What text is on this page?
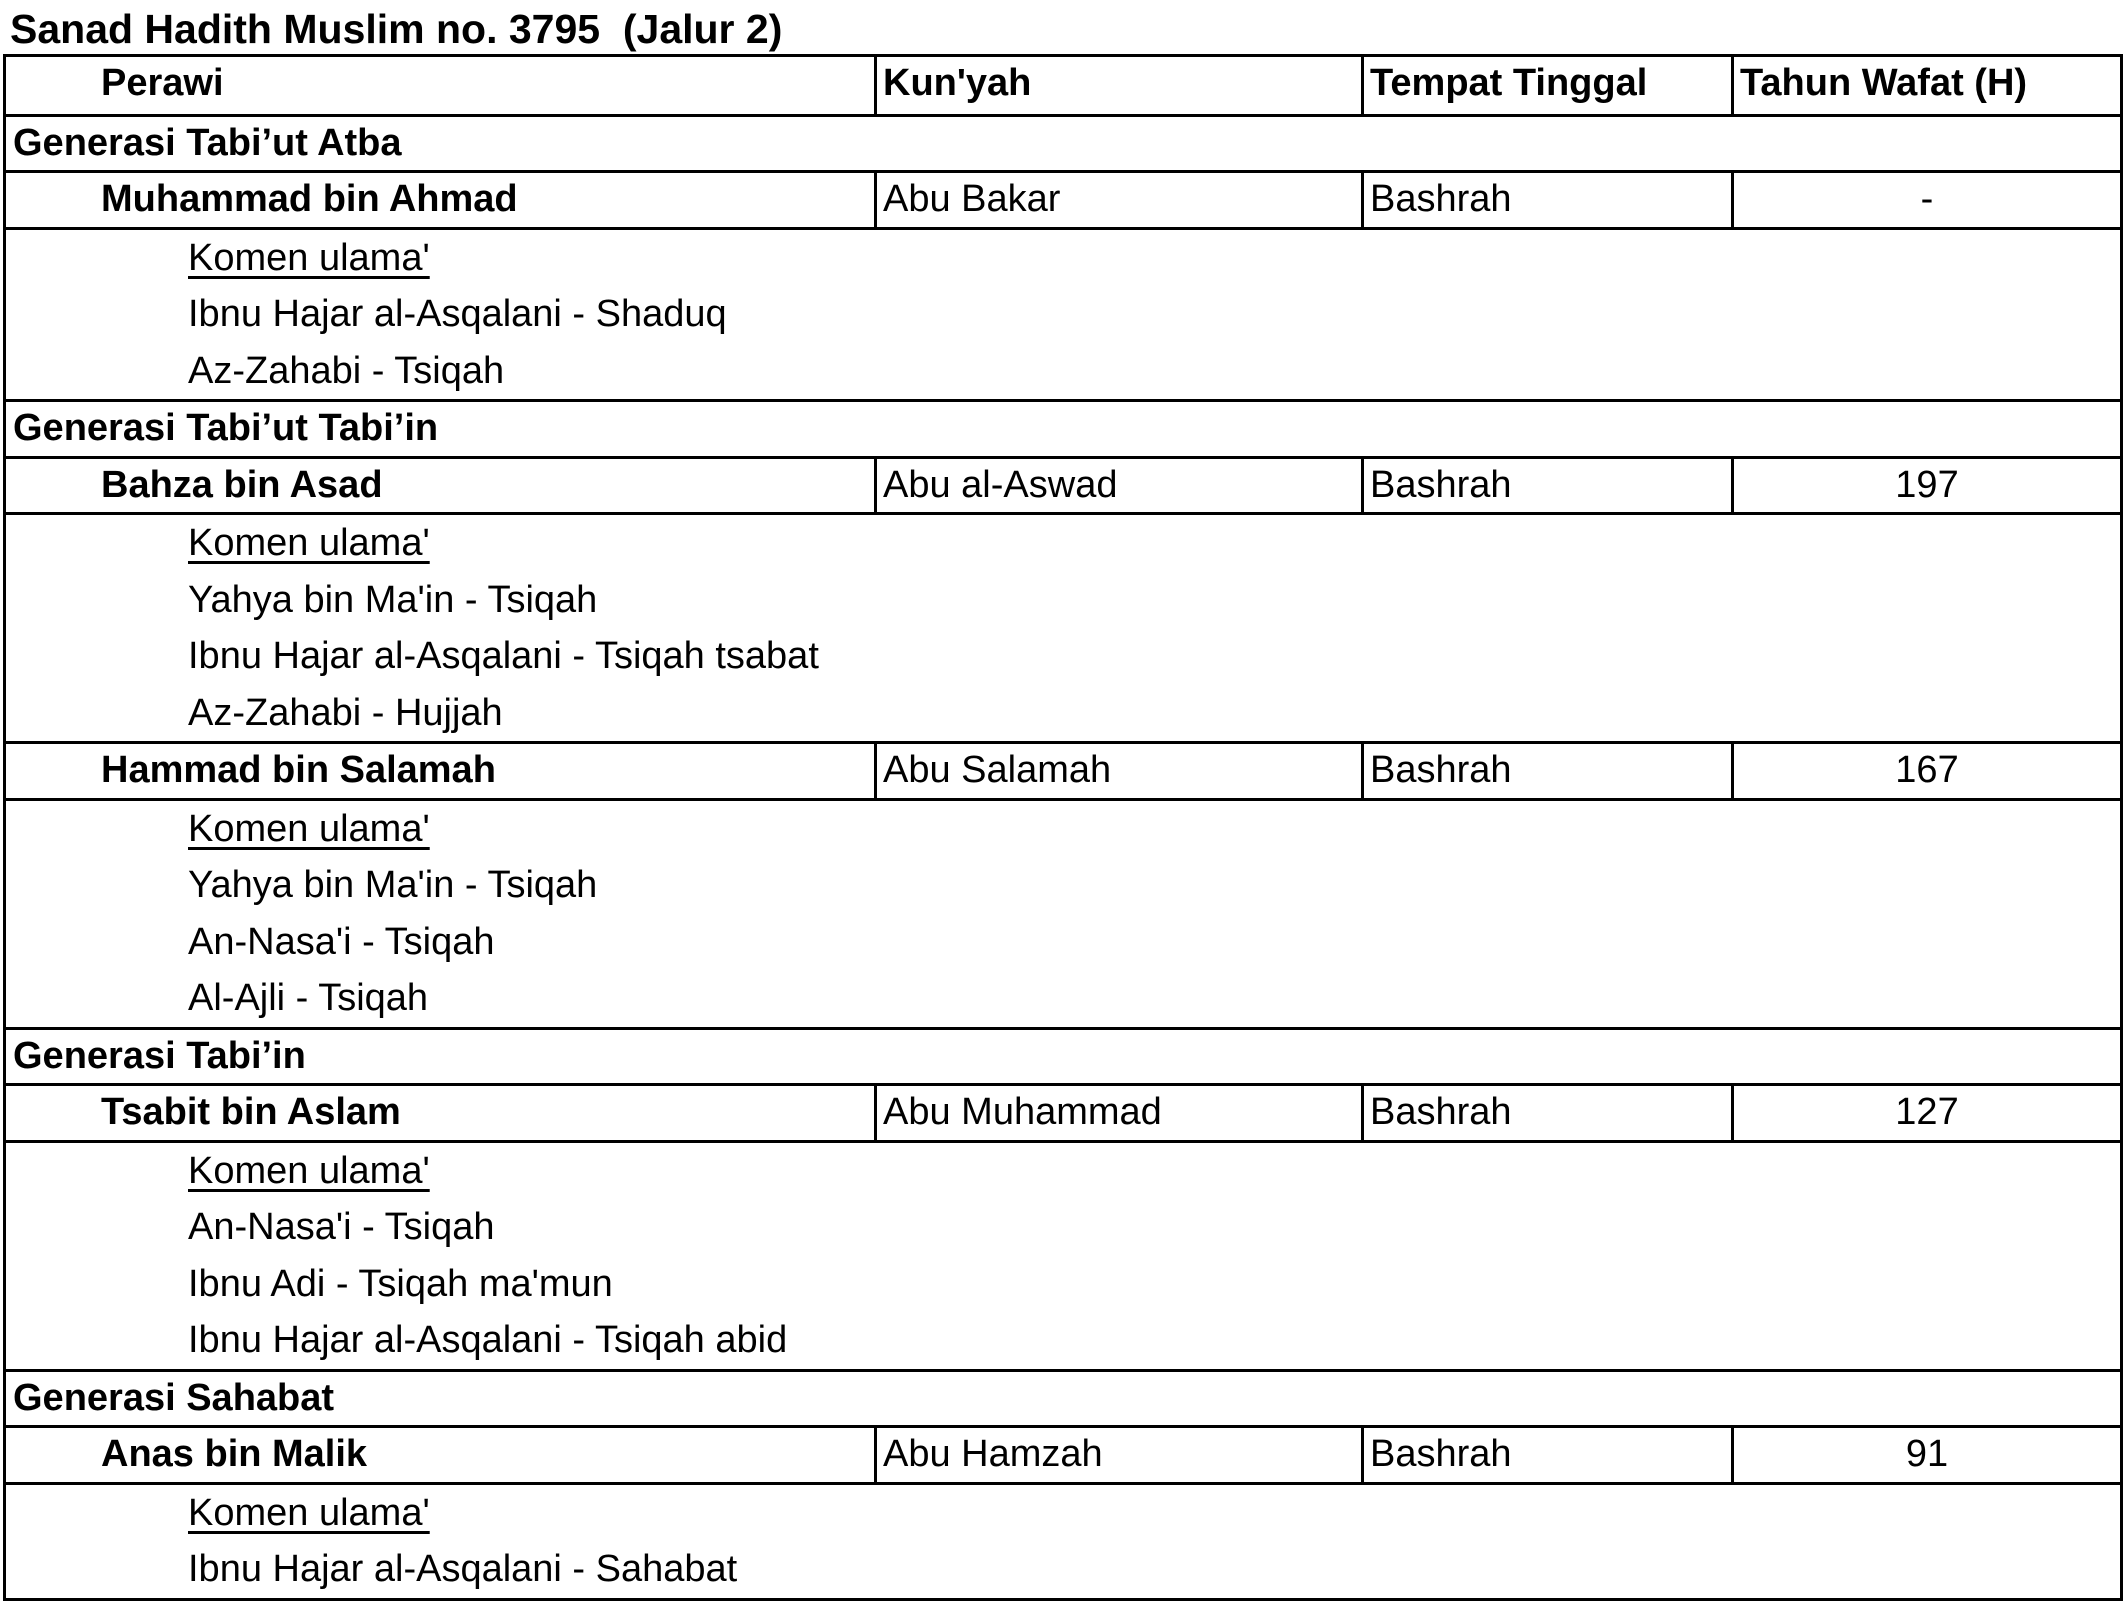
Sanad Hadith Muslim no. 3795  (Jalur 2)
Perawi	Kun'yah	Tempat Tinggal	Tahun Wafat (H)
Generasi Tabi’ut Atba
Muhammad bin Ahmad	Abu Bakar	Bashrah	-
Komen ulama'
Ibnu Hajar al-Asqalani - Shaduq
Az-Zahabi - Tsiqah
Generasi Tabi’ut Tabi’in
Bahza bin Asad	Abu al-Aswad	Bashrah	197
Komen ulama'
Yahya bin Ma'in - Tsiqah
Ibnu Hajar al-Asqalani - Tsiqah tsabat
Az-Zahabi - Hujjah
Hammad bin Salamah	Abu Salamah	Bashrah	167
Komen ulama'
Yahya bin Ma'in - Tsiqah
An-Nasa'i - Tsiqah
Al-Ajli - Tsiqah
Generasi Tabi’in
Tsabit bin Aslam	Abu Muhammad	Bashrah	127
Komen ulama'
An-Nasa'i - Tsiqah
Ibnu Adi - Tsiqah ma'mun
Ibnu Hajar al-Asqalani - Tsiqah abid
Generasi Sahabat
Anas bin Malik	Abu Hamzah	Bashrah	91
Komen ulama'
Ibnu Hajar al-Asqalani - Sahabat
